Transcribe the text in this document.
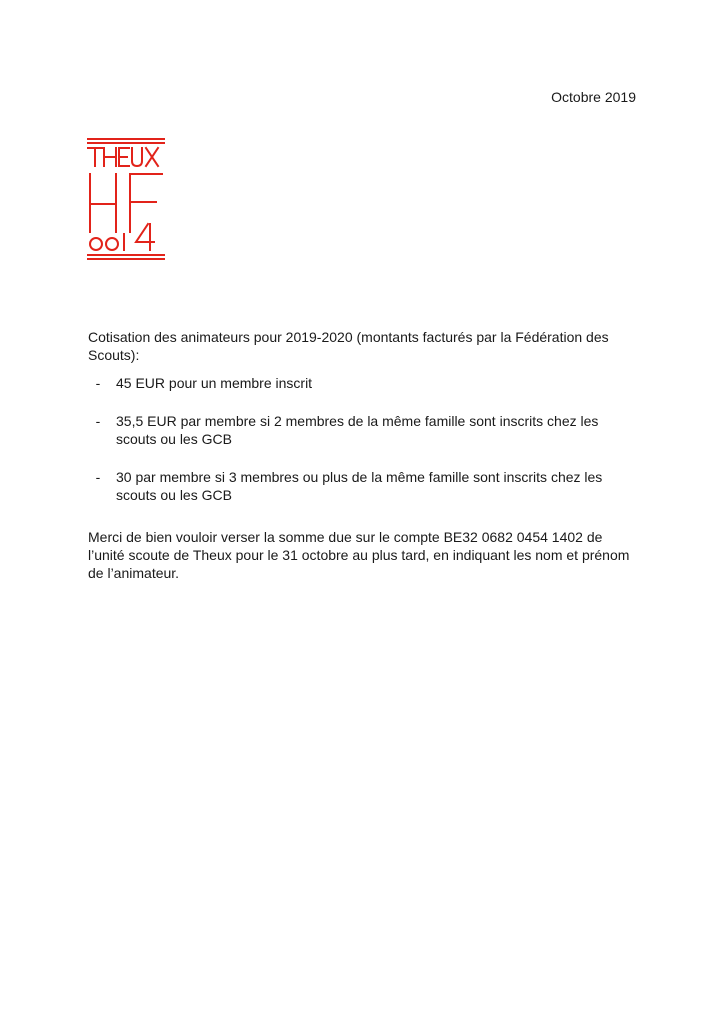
Octobre 2019
Cotisation des animateurs pour 2019-2020 (montants facturés par la Fédération des Scouts):
-	45 EUR pour un membre inscrit
-	35,5 EUR par membre si 2 membres de la même famille sont inscrits chez les scouts ou les GCB
-	30 par membre si 3 membres ou plus de la même famille sont inscrits chez les scouts ou les GCB
Merci de bien vouloir verser la somme due sur le compte BE32 0682 0454 1402 de l’unité scoute de Theux pour le 31 octobre au plus tard, en indiquant les nom et prénom de l’animateur.
